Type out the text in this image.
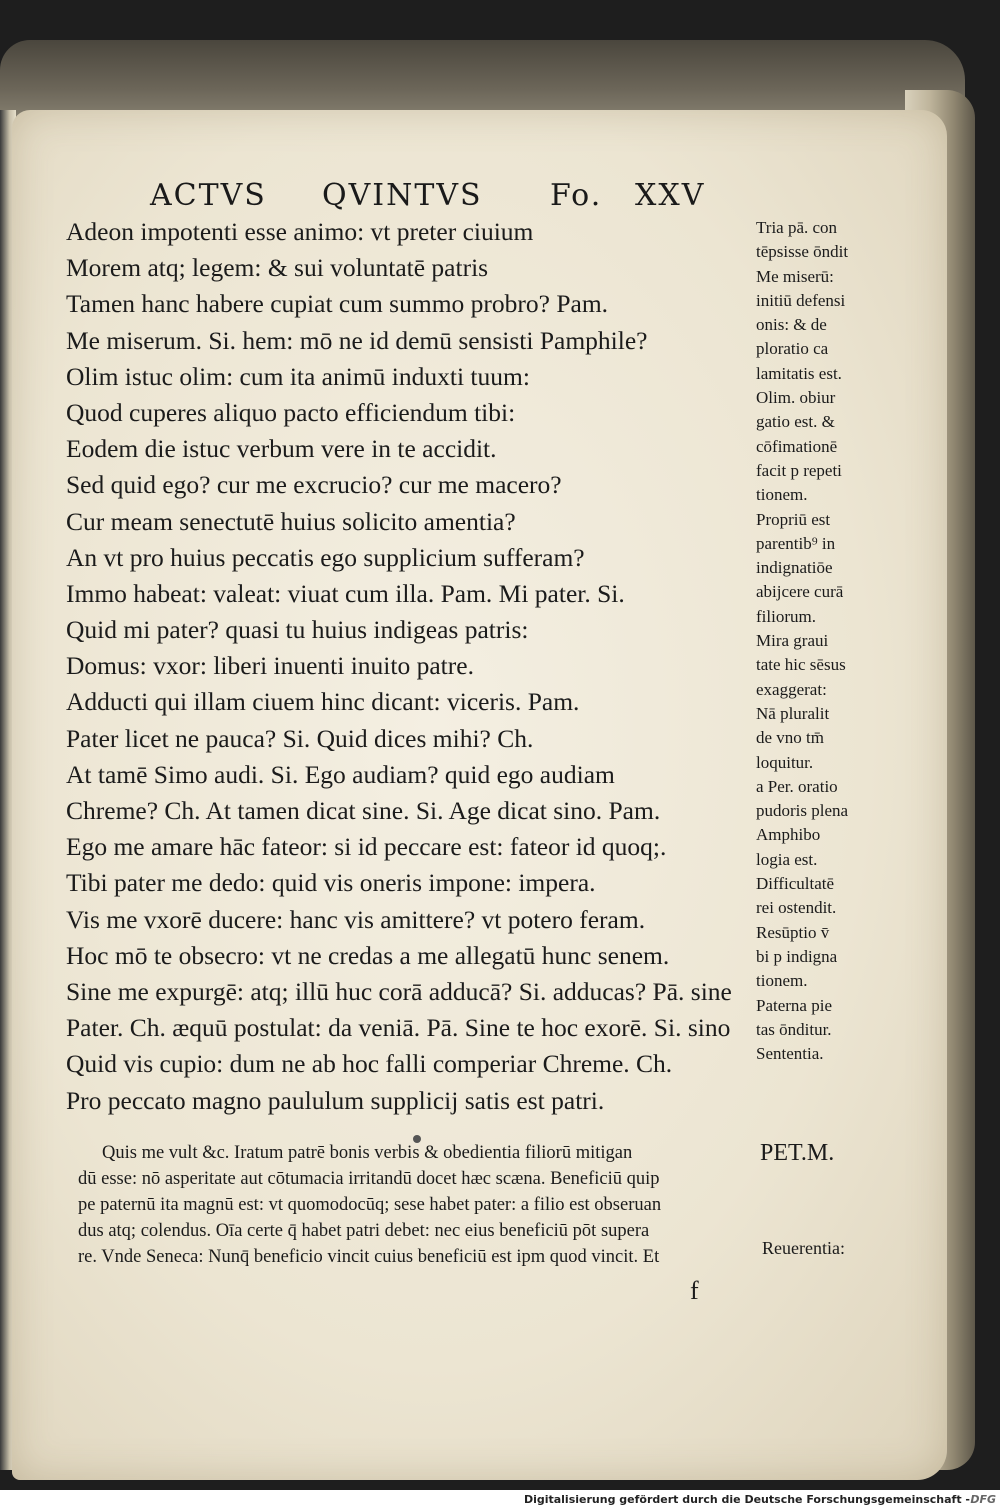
ACTVS QVINTVS Fo. XXV
Adeon impotenti esse animo: vt preter ciuium
Morem atq; legem: & sui voluntatē patris
Tamen hanc habere cupiat cum summo probro? Pam.
Me miserum. Si. hem: mō ne id demū sensisti Pamphile?
Olim istuc olim: cum ita animū induxti tuum:
Quod cuperes aliquo pacto efficiendum tibi:
Eodem die istuc verbum vere in te accidit.
Sed quid ego? cur me excrucio? cur me macero?
Cur meam senectutē huius solicito amentia?
An vt pro huius peccatis ego supplicium sufferam?
Immo habeat: valeat: viuat cum illa. Pam. Mi pater. Si.
Quid mi pater? quasi tu huius indigeas patris:
Domus: vxor: liberi inuenti inuito patre.
Adducti qui illam ciuem hinc dicant: viceris. Pam.
Pater licet ne pauca? Si. Quid dices mihi? Ch.
At tamē Simo audi. Si. Ego audiam? quid ego audiam
Chreme? Ch. At tamen dicat sine. Si. Age dicat sino. Pam.
Ego me amare hāc fateor: si id peccare est: fateor id quoq;.
Tibi pater me dedo: quid vis oneris impone: impera.
Vis me vxorē ducere: hanc vis amittere? vt potero feram.
Hoc mō te obsecro: vt ne credas a me allegatū hunc senem.
Sine me expurgē: atq; illū huc corā adducā? Si. adducas? Pā. sine
Pater. Ch. æquū postulat: da veniā. Pā. Sine te hoc exorē. Si. sino
Quid vis cupio: dum ne ab hoc falli comperiar Chreme. Ch.
Pro peccato magno paululum supplicij satis est patri.
Tria pā. con
tēpsisse ōndit
Me miserū:
initiū defensi
onis: & de
ploratio ca
lamitatis est.
Olim. obiur
gatio est. &
cōfimationē
facit p repeti
tionem.
Propriū est
parentib⁹ in
indignatiōe
abijcere curā
filiorum.
Mira graui
tate hic sēsus
exaggerat:
Nā pluralit
de vno tm̄
loquitur.
a Per. oratio
pudoris plena
Amphibo
logia est.
Difficultatē
rei ostendit.
Resūptio v̄
bi p indigna
tionem.
Paterna pie
tas ōnditur.
Sententia.
Quis me vult &c. Iratum patrē bonis verbis & obedientia filiorū mitigan
dū esse: nō asperitate aut cōtumacia irritandū docet hæc scæna. Beneficiū quip
pe paternū ita magnū est: vt quomodocūq; sese habet pater: a filio est obseruan
dus atq; colendus. Oīa certe q̄ habet patri debet: nec eius beneficiū pōt supera
re. Vnde Seneca: Nunq̄ beneficio vincit cuius beneficiū est ipm quod vincit. Et
PET.M.
Reuerentia:
f
Digitalisierung gefördert durch die Deutsche Forschungsgemeinschaft - DFG
